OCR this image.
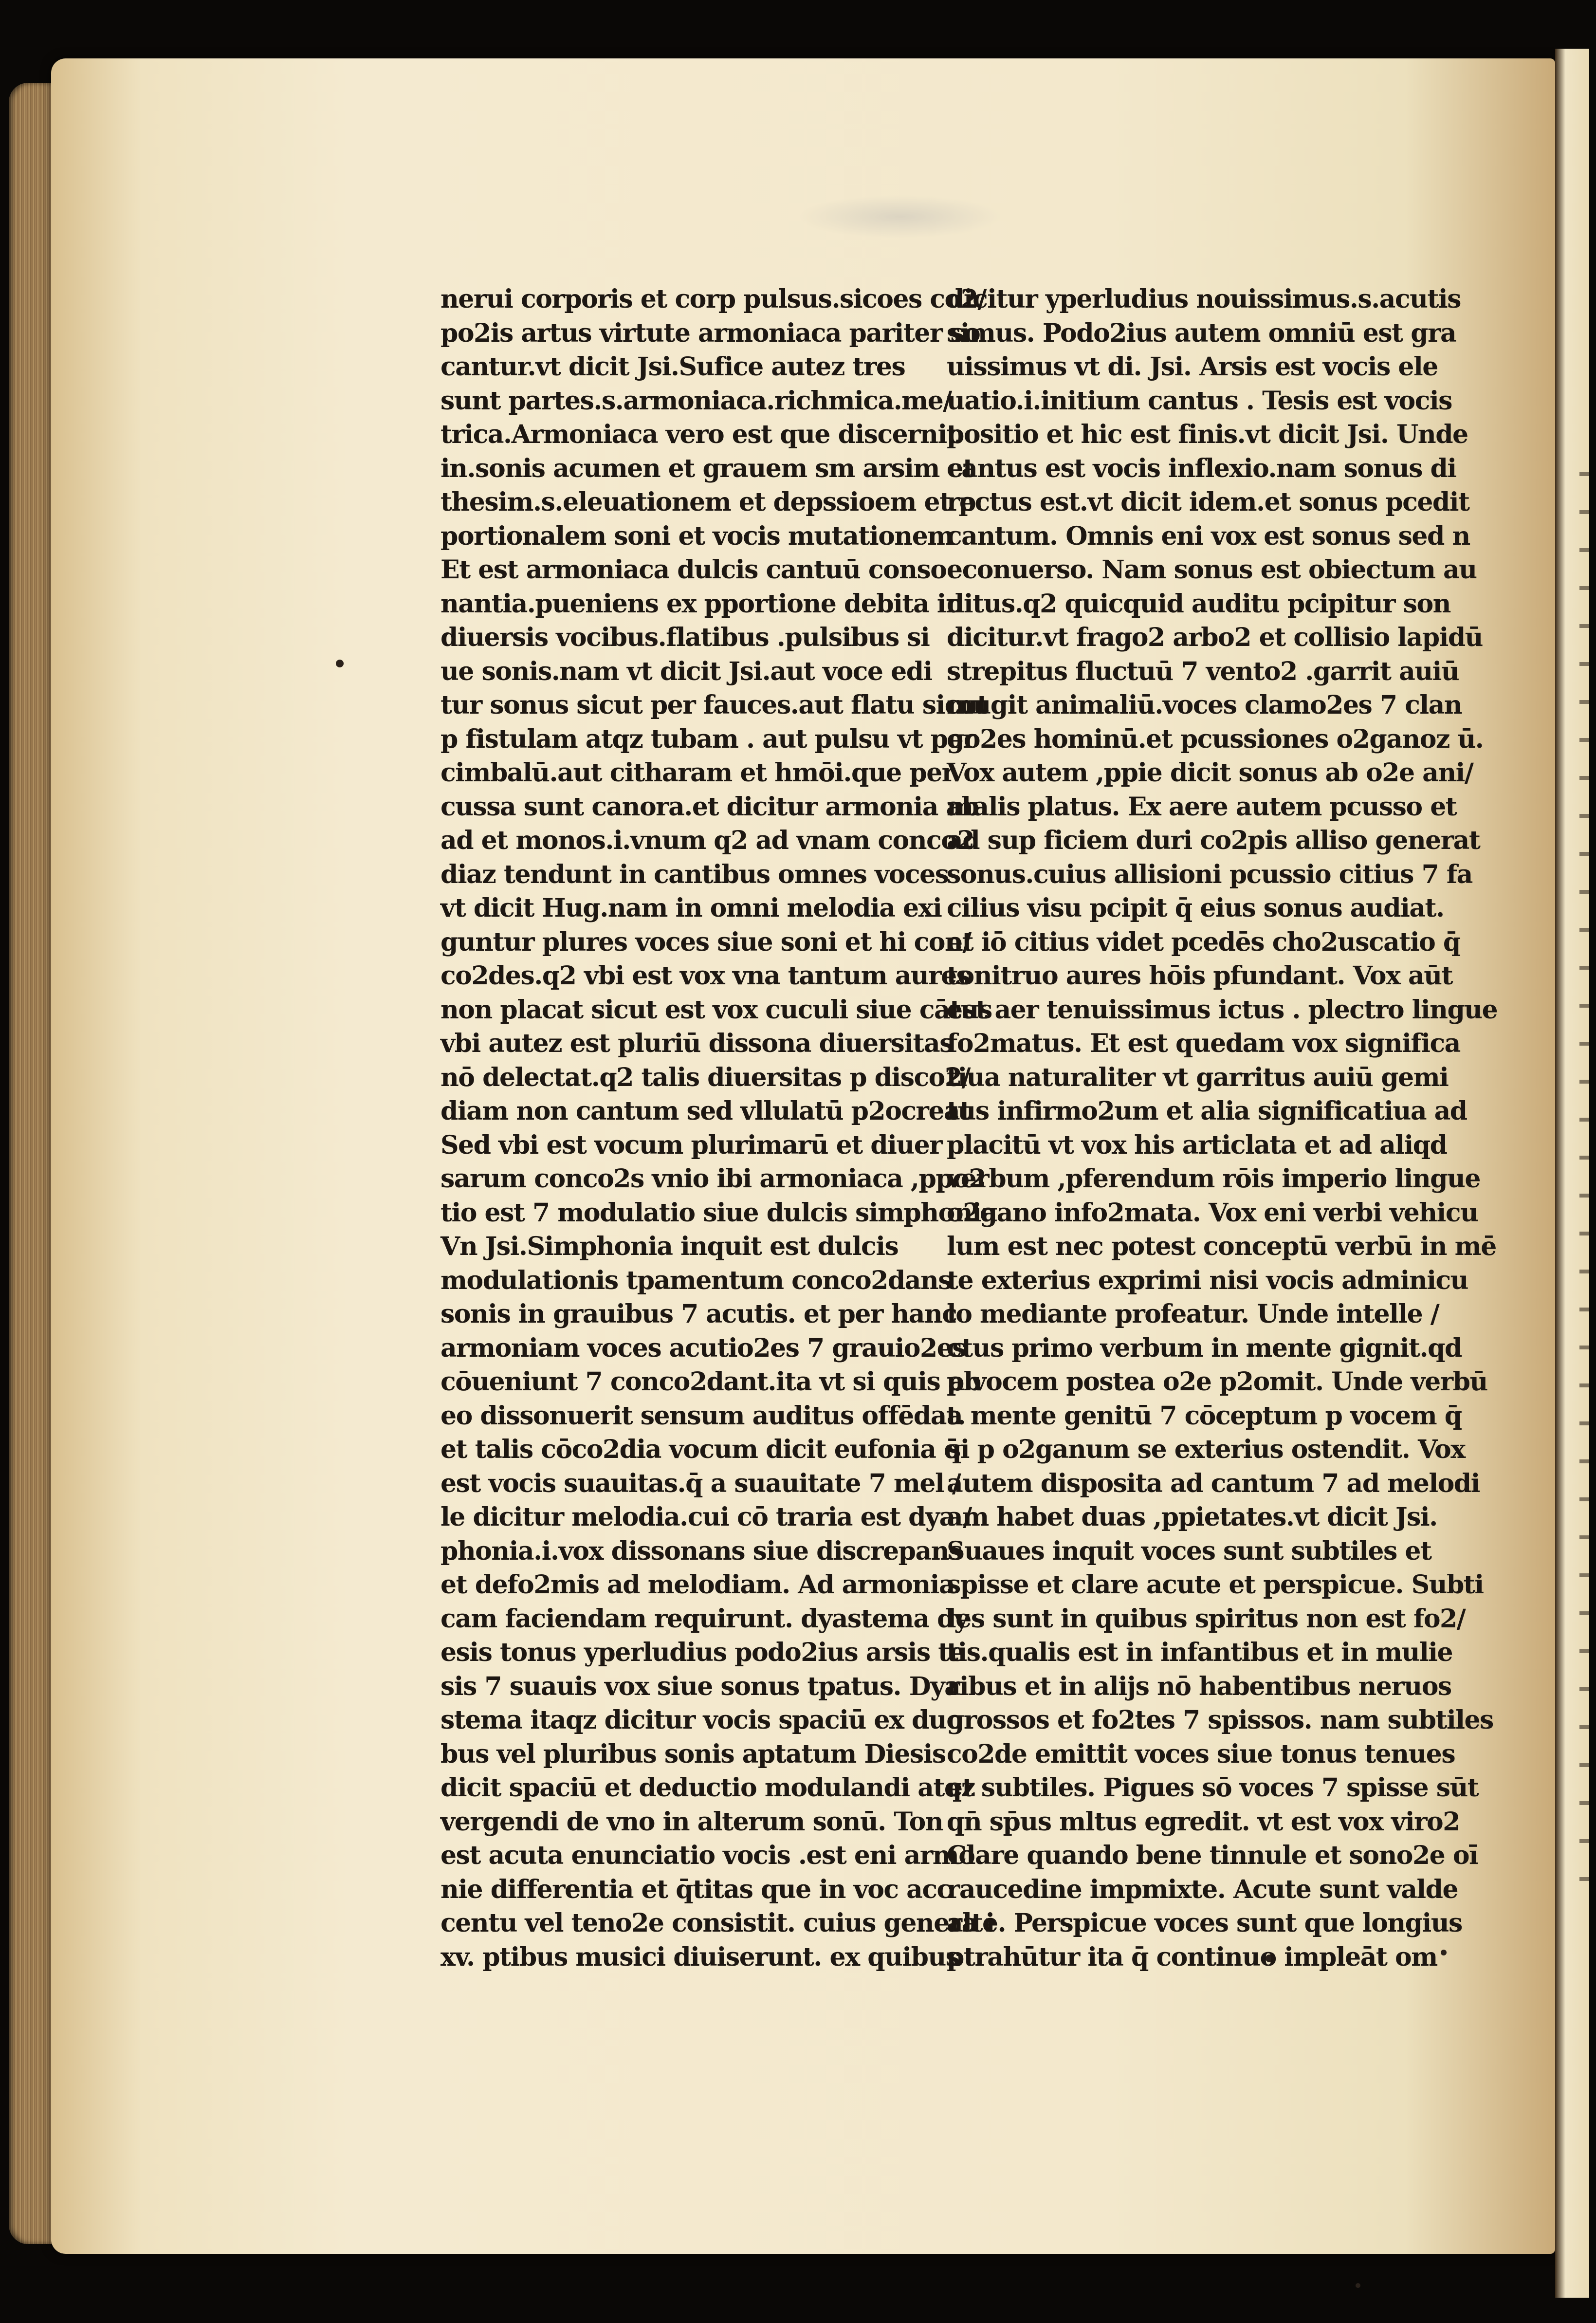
nerui corporis et corp pulsus.sicoes co2/
po2is artus virtute armoniaca pariter so
cantur.vt dicit Jsi.Sufice autez tres
sunt partes.s.armoniaca.richmica.me/
trica.Armoniaca vero est que discernit
in.sonis acumen et grauem sm arsim et
thesim.s.eleuationem et depssioem et p
portionalem soni et vocis mutationem
Et est armoniaca dulcis cantuū conso
nantia.pueniens ex pportione debita in
diuersis vocibus.flatibus .pulsibus si
ue sonis.nam vt dicit Jsi.aut voce edi
tur sonus sicut per fauces.aut flatu sicut
p fistulam atqz tubam . aut pulsu vt per
cimbalū.aut citharam et hmōi.que per
cussa sunt canora.et dicitur armonia ab
ad et monos.i.vnum q2 ad vnam conco2
diaz tendunt in cantibus omnes voces
vt dicit Hug.nam in omni melodia exi
guntur plures voces siue soni et hi con/
co2des.q2 vbi est vox vna tantum aures
non placat sicut est vox cuculi siue cātus
vbi autez est pluriū dissona diuersitas
nō delectat.q2 talis diuersitas p disco2/
diam non cantum sed vllulatū p2ocreat
Sed vbi est vocum plurimarū et diuer
sarum conco2s vnio ibi armoniaca ,ppo2
tio est 7 modulatio siue dulcis simphonia
Vn Jsi.Simphonia inquit est dulcis
modulationis tpamentum conco2dans
sonis in grauibus 7 acutis. et per hanc
armoniam voces acutio2es 7 grauio2es
cōueniunt 7 conco2dant.ita vt si quis ab
eo dissonuerit sensum auditus offēdat.
et talis cōco2dia vocum dicit eufonia q̄
est vocis suauitas.q̄ a suauitate 7 mel /
le dicitur melodia.cui cō traria est dya /
phonia.i.vox dissonans siue discrepans
et defo2mis ad melodiam. Ad armonia
cam faciendam requirunt. dyastema dy
esis tonus yperludius podo2ius arsis te
sis 7 suauis vox siue sonus tpatus. Dya
stema itaqz dicitur vocis spaciū ex duo
bus vel pluribus sonis aptatum Diesis
dicit spaciū et deductio modulandi atqz
vergendi de vno in alterum sonū. Ton
est acuta enunciatio vocis .est eni armo
nie differentia et q̄titas que in voc acc
centu vel teno2e consistit. cuius genera i
xv. ptibus musici diuiserunt. ex quibus
dicitur yperludius nouissimus.s.acutis
simus. Podo2ius autem omniū est gra
uissimus vt di. Jsi. Arsis est vocis ele
uatio.i.initium cantus . Tesis est vocis
positio et hic est finis.vt dicit Jsi. Unde
cantus est vocis inflexio.nam sonus di
rectus est.vt dicit idem.et sonus pcedit
cantum. Omnis eni vox est sonus sed n
econuerso. Nam sonus est obiectum au
ditus.q2 quicquid auditu pcipitur son
dicitur.vt frago2 arbo2 et collisio lapidū
strepitus fluctuū 7 vento2 .garrit auiū
mugit animaliū.voces clamo2es 7 clan
go2es hominū.et pcussiones o2ganoz ū.
Vox autem ,ppie dicit sonus ab o2e ani/
malis platus. Ex aere autem pcusso et
ad sup ficiem duri co2pis alliso generat
sonus.cuius allisioni pcussio citius 7 fa
cilius visu pcipit q̄ eius sonus audiat.
et iō citius videt pcedēs cho2uscatio q̄
tonitruo aures hōis pfundant. Vox aūt
est aer tenuissimus ictus . plectro lingue
fo2matus. Et est quedam vox significa
tiua naturaliter vt garritus auiū gemi
tus infirmo2um et alia significatiua ad
placitū vt vox his articlata et ad aliqd
verbum ,pferendum rōis imperio lingue
o2gano info2mata. Vox eni verbi vehicu
lum est nec potest conceptū verbū in mē
te exterius exprimi nisi vocis adminicu
lo mediante profeatur. Unde intelle /
ctus primo verbum in mente gignit.qd
p vocem postea o2e p2omit. Unde verbū
a mente genitū 7 cōceptum p vocem q̄
si p o2ganum se exterius ostendit. Vox
autem disposita ad cantum 7 ad melodi
am habet duas ,ppietates.vt dicit Jsi.
Suaues inquit voces sunt subtiles et
spisse et clare acute et perspicue. Subti
les sunt in quibus spiritus non est fo2/
tis.qualis est in infantibus et in mulie
ribus et in alijs nō habentibus neruos
grossos et fo2tes 7 spissos. nam subtiles
co2de emittit voces siue tonus tenues
et subtiles. Pigues sō voces 7 spisse sūt
qn̄ sp̄us mltus egredit. vt est vox viro2
Clare quando bene tinnule et sono2e oī
raucedine impmixte. Acute sunt valde
alte. Perspicue voces sunt que longius
ptrahūtur ita q̄ continuo impleāt om
